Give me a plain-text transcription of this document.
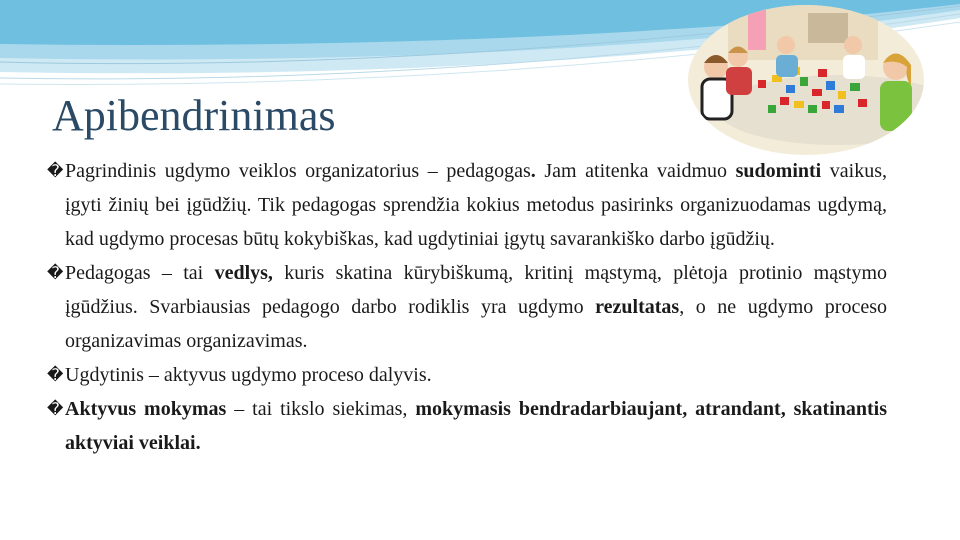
Apibendrinimas

� Pagrindinis ugdymo veiklos organizatorius – pedagogas. Jam atitenka vaidmuo sudominti vaikus, įgyti žinių bei įgūdžių. Tik pedagogas sprendžia kokius metodus pasirinks organizuodamas ugdymą, kad ugdymo procesas būtų kokybiškas, kad ugdytiniai įgytų savarankiško darbo įgūdžių.

� Pedagogas – tai vedlys, kuris skatina kūrybiškumą, kritinį mąstymą, plėtoja protinio mąstymo įgūdžius. Svarbiausias pedagogo darbo rodiklis yra ugdymo rezultatas, o ne ugdymo proceso organizavimas organizavimas.

� Ugdytinis – aktyvus ugdymo proceso dalyvis.

� Aktyvus mokymas – tai tikslo siekimas, mokymasis bendradarbiaujant, atrandant, skatinantis aktyviai veiklai.
